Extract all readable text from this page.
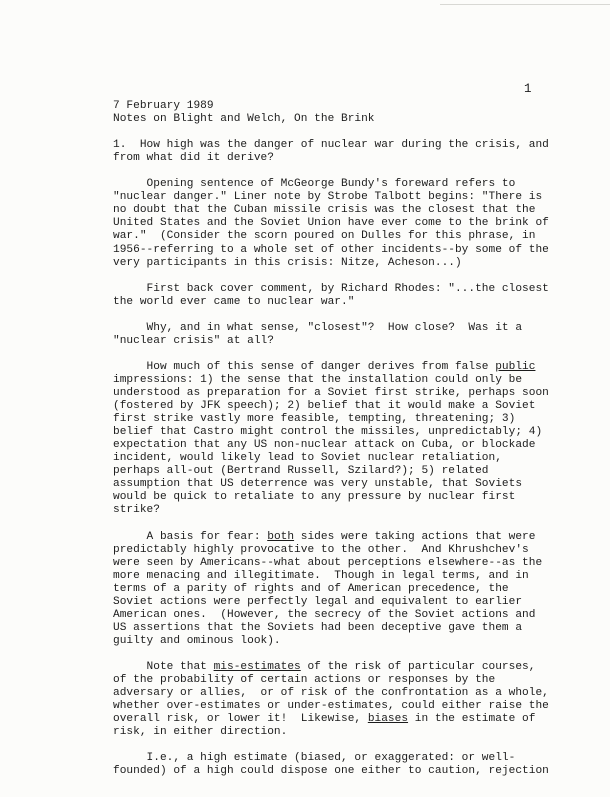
1
7 February 1989
Notes on Blight and Welch, On the Brink
1.  How high was the danger of nuclear war during the crisis, and
from what did it derive?
Opening sentence of McGeorge Bundy's foreward refers to
"nuclear danger." Liner note by Strobe Talbott begins: "There is
no doubt that the Cuban missile crisis was the closest that the
United States and the Soviet Union have ever come to the brink of
war."  (Consider the scorn poured on Dulles for this phrase, in
1956--referring to a whole set of other incidents--by some of the
very participants in this crisis: Nitze, Acheson...)
First back cover comment, by Richard Rhodes: "...the closest
the world ever came to nuclear war."
Why, and in what sense, "closest"?  How close?  Was it a
"nuclear crisis" at all?
How much of this sense of danger derives from false public
impressions: 1) the sense that the installation could only be
understood as preparation for a Soviet first strike, perhaps soon
(fostered by JFK speech); 2) belief that it would make a Soviet
first strike vastly more feasible, tempting, threatening; 3)
belief that Castro might control the missiles, unpredictably; 4)
expectation that any US non-nuclear attack on Cuba, or blockade
incident, would likely lead to Soviet nuclear retaliation,
perhaps all-out (Bertrand Russell, Szilard?); 5) related
assumption that US deterrence was very unstable, that Soviets
would be quick to retaliate to any pressure by nuclear first
strike?
A basis for fear: both sides were taking actions that were
predictably highly provocative to the other.  And Khrushchev's
were seen by Americans--what about perceptions elsewhere--as the
more menacing and illegitimate.  Though in legal terms, and in
terms of a parity of rights and of American precedence, the
Soviet actions were perfectly legal and equivalent to earlier
American ones.  (However, the secrecy of the Soviet actions and
US assertions that the Soviets had been deceptive gave them a
guilty and ominous look).
Note that mis-estimates of the risk of particular courses,
of the probability of certain actions or responses by the
adversary or allies,  or of risk of the confrontation as a whole,
whether over-estimates or under-estimates, could either raise the
overall risk, or lower it!  Likewise, biases in the estimate of
risk, in either direction.
I.e., a high estimate (biased, or exaggerated: or well-
founded) of a high could dispose one either to caution, rejection
